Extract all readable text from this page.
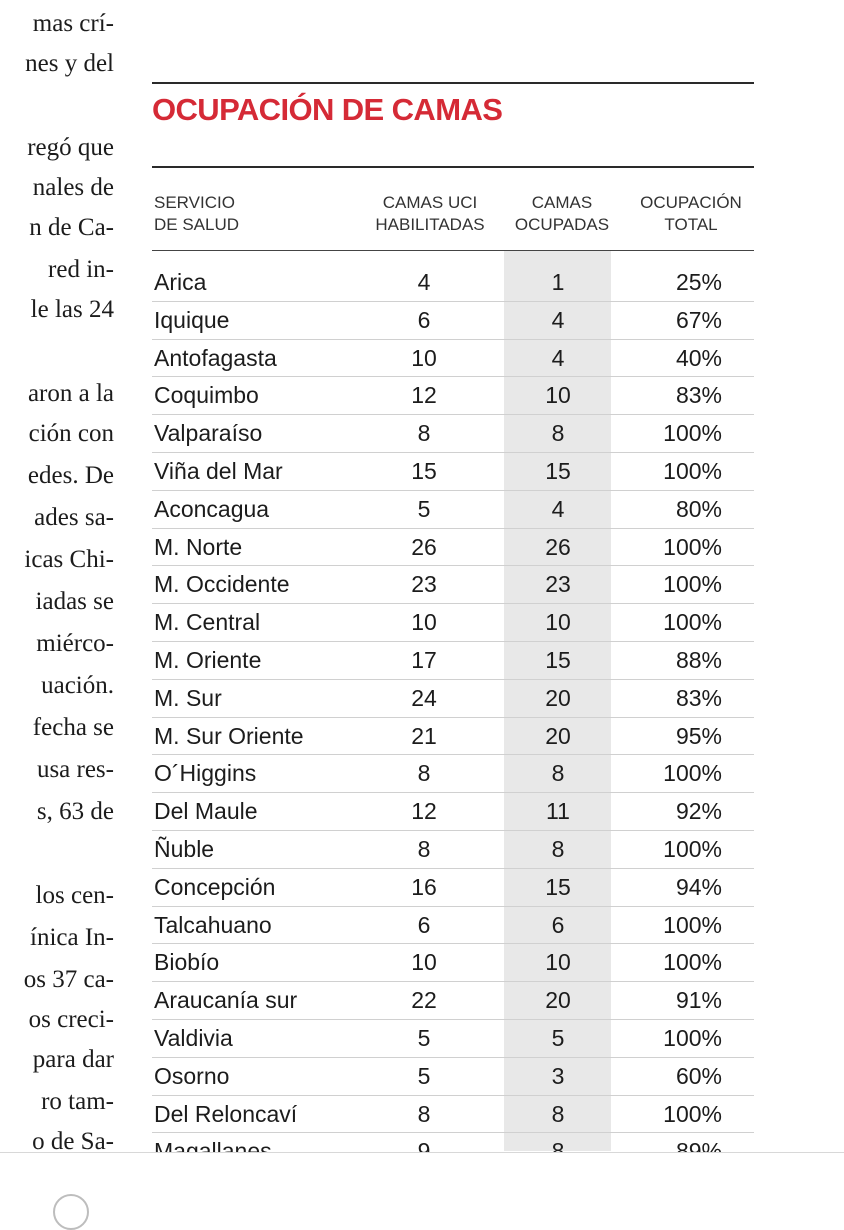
mas crí-
nes y del
regó que
nales de
n de Ca-
red in-
le las 24
aron a la
ción con
edes. De
ades sa-
icas Chi-
iadas se
miérco-
uación.
fecha se
usa res-
s, 63 de
los cen-
ínica In-
os 37 ca-
os creci-
para dar
ro tam-
o de Sa-
OCUPACIÓN DE CAMAS
SERVICIO
DE SALUD
CAMAS UCI
HABILITADAS
CAMAS
OCUPADAS
OCUPACIÓN
TOTAL
Arica	4	1	25%
Iquique	6	4	67%
Antofagasta	10	4	40%
Coquimbo	12	10	83%
Valparaíso	8	8	100%
Viña del Mar	15	15	100%
Aconcagua	5	4	80%
M. Norte	26	26	100%
M. Occidente	23	23	100%
M. Central	10	10	100%
M. Oriente	17	15	88%
M. Sur	24	20	83%
M. Sur Oriente	21	20	95%
O´Higgins	8	8	100%
Del Maule	12	11	92%
Ñuble	8	8	100%
Concepción	16	15	94%
Talcahuano	6	6	100%
Biobío	10	10	100%
Araucanía sur	22	20	91%
Valdivia	5	5	100%
Osorno	5	3	60%
Del Reloncaví	8	8	100%
